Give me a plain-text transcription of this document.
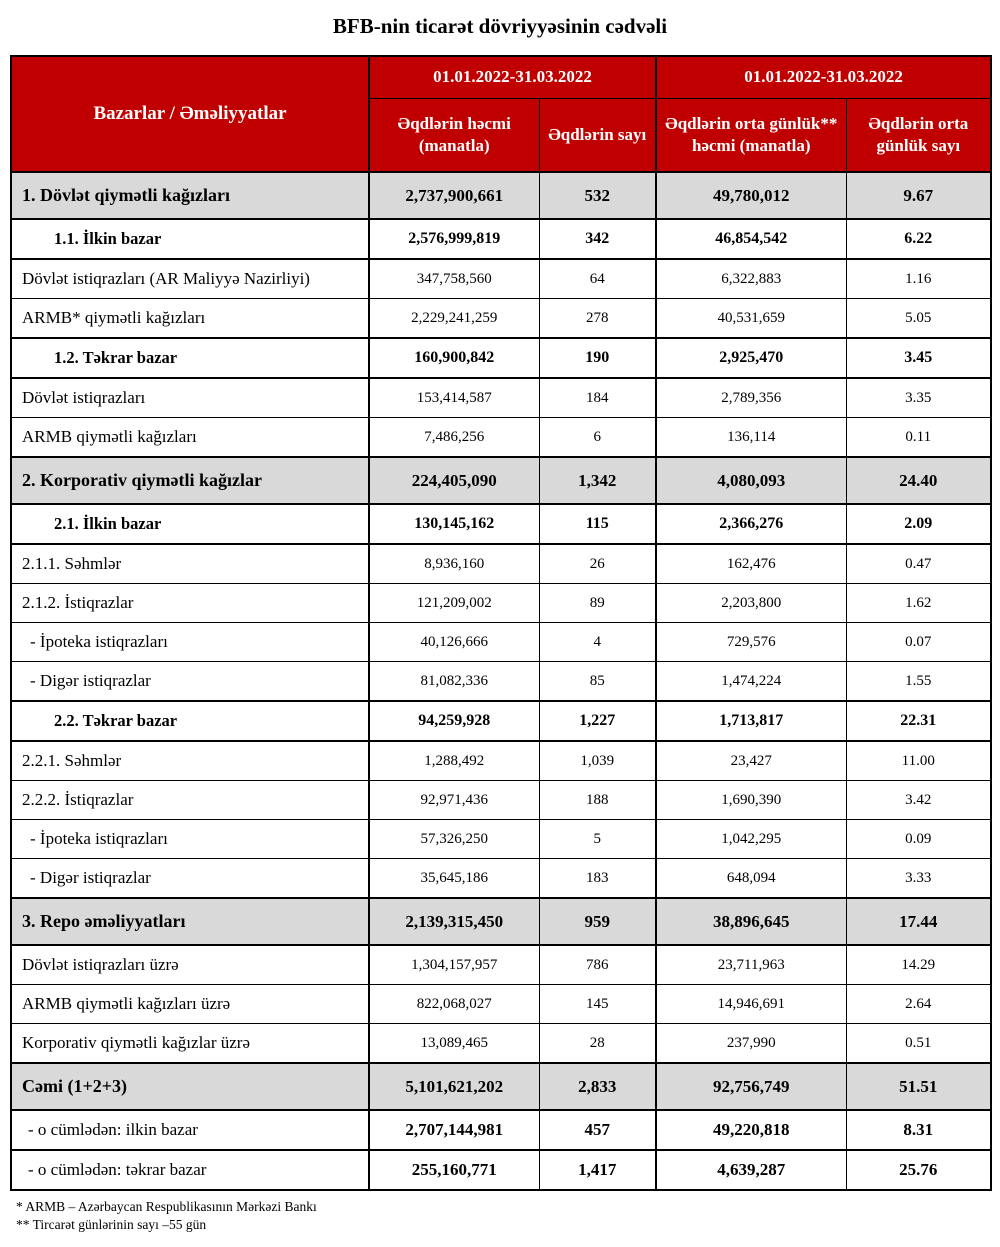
BFB-nin ticarət dövriyyəsinin cədvəli
Bazarlar / Əməliyyatlar	01.01.2022-31.03.2022		01.01.2022-31.03.2022	
	Əqdlərin həcmi (manatla)	Əqdlərin sayı	Əqdlərin orta günlük** həcmi (manatla)	Əqdlərin orta günlük sayı
1. Dövlət qiymətli kağızları	2,737,900,661	532	49,780,012	9.67
1.1. İlkin bazar	2,576,999,819	342	46,854,542	6.22
Dövlət istiqrazları (AR Maliyyə Nazirliyi)	347,758,560	64	6,322,883	1.16
ARMB* qiymətli kağızları	2,229,241,259	278	40,531,659	5.05
1.2. Təkrar bazar	160,900,842	190	2,925,470	3.45
Dövlət istiqrazları	153,414,587	184	2,789,356	3.35
ARMB qiymətli kağızları	7,486,256	6	136,114	0.11
2. Korporativ qiymətli kağızlar	224,405,090	1,342	4,080,093	24.40
2.1. İlkin bazar	130,145,162	115	2,366,276	2.09
2.1.1. Səhmlər	8,936,160	26	162,476	0.47
2.1.2. İstiqrazlar	121,209,002	89	2,203,800	1.62
- İpoteka istiqrazları	40,126,666	4	729,576	0.07
- Digər istiqrazlar	81,082,336	85	1,474,224	1.55
2.2. Təkrar bazar	94,259,928	1,227	1,713,817	22.31
2.2.1. Səhmlər	1,288,492	1,039	23,427	11.00
2.2.2. İstiqrazlar	92,971,436	188	1,690,390	3.42
- İpoteka istiqrazları	57,326,250	5	1,042,295	0.09
- Digər istiqrazlar	35,645,186	183	648,094	3.33
3. Repo əməliyyatları	2,139,315,450	959	38,896,645	17.44
Dövlət istiqrazları üzrə	1,304,157,957	786	23,711,963	14.29
ARMB qiymətli kağızları üzrə	822,068,027	145	14,946,691	2.64
Korporativ qiymətli kağızlar üzrə	13,089,465	28	237,990	0.51
Cəmi (1+2+3)	5,101,621,202	2,833	92,756,749	51.51
- o cümlədən: ilkin bazar	2,707,144,981	457	49,220,818	8.31
- o cümlədən: təkrar bazar	255,160,771	1,417	4,639,287	25.76
* ARMB – Azərbaycan Respublikasının Mərkəzi Bankı
** Tircarət günlərinin sayı –55 gün
